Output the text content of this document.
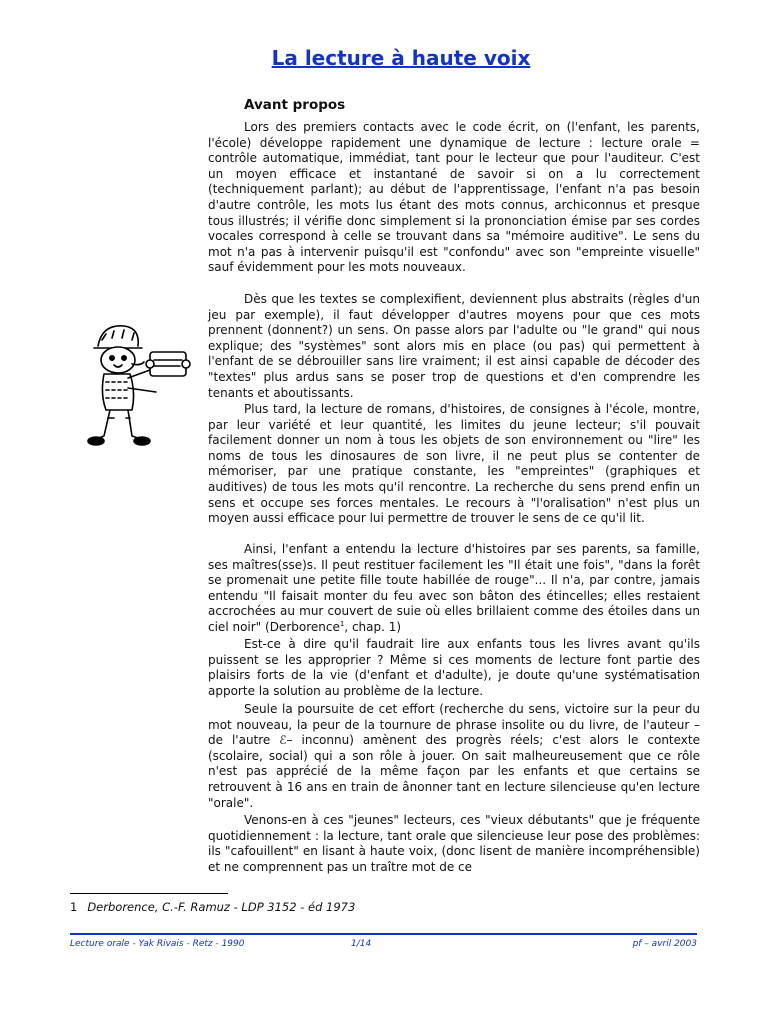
La lecture à haute voix
Avant propos

Lors des premiers contacts avec le code écrit, on (l'enfant, les parents, l'école) développe rapidement une dynamique de lecture : lecture orale = contrôle automatique, immédiat, tant pour le lecteur que pour l'auditeur. C'est un moyen efficace et instantané de savoir si on a lu correctement (techniquement parlant); au début de l'apprentissage, l'enfant n'a pas besoin d'autre contrôle, les mots lus étant des mots connus, archiconnus et presque tous illustrés; il vérifie donc simplement si la prononciation émise par ses cordes vocales correspond à celle se trouvant dans sa "mémoire auditive". Le sens du mot n'a pas à intervenir puisqu'il est "confondu" avec son "empreinte visuelle" sauf évidemment pour les mots nouveaux.

Dès que les textes se complexifient, deviennent plus abstraits (règles d'un jeu par exemple), il faut développer d'autres moyens pour que ces mots prennent (donnent?) un sens. On passe alors par l'adulte ou "le grand" qui nous explique; des "systèmes" sont alors mis en place (ou pas) qui permettent à l'enfant de se débrouiller sans lire vraiment; il est ainsi capable de décoder des "textes" plus ardus sans se poser trop de questions et d'en comprendre les tenants et aboutissants.

Plus tard, la lecture de romans, d'histoires, de consignes à l'école, montre, par leur variété et leur quantité, les limites du jeune lecteur; s'il pouvait facilement donner un nom à tous les objets de son environnement ou "lire" les noms de tous les dinosaures de son livre, il ne peut plus se contenter de mémoriser, par une pratique constante, les "empreintes" (graphiques et auditives) de tous les mots qu'il rencontre. La recherche du sens prend enfin un sens et occupe ses forces mentales. Le recours à "l'oralisation" n'est plus un moyen aussi efficace pour lui permettre de trouver le sens de ce qu'il lit.

Ainsi, l'enfant a entendu la lecture d'histoires par ses parents, sa famille, ses maîtres(sse)s. Il peut restituer facilement les "Il était une fois", "dans la forêt se promenait une petite fille toute habillée de rouge"... Il n'a, par contre, jamais entendu "Il faisait monter du feu avec son bâton des étincelles; elles restaient accrochées au mur couvert de suie où elles brillaient comme des étoiles dans un ciel noir" (Derborence$^1$, chap. 1)

Est-ce à dire qu'il faudrait lire aux enfants tous les livres avant qu'ils puissent se les approprier ? Même si ces moments de lecture font partie des plaisirs forts de la vie (d'enfant et d'adulte), je doute qu'une systématisation apporte la solution au problème de la lecture.

Seule la poursuite de cet effort (recherche du sens, victoire sur la peur du mot nouveau, la peur de la tournure de phrase insolite ou du livre, de l'auteur –de l'autre ℰ– inconnu) amènent des progrès réels; c'est alors le contexte (scolaire, social) qui a son rôle à jouer. On sait malheureusement que ce rôle n'est pas apprécié de la même façon par les enfants et que certains se retrouvent à 16 ans en train de ânonner tant en lecture silencieuse qu'en lecture "orale".

Venons-en à ces "jeunes" lecteurs, ces "vieux débutants" que je fréquente quotidiennement : la lecture, tant orale que silencieuse leur pose des problèmes: ils "cafouillent" en lisant à haute voix, (donc lisent de manière incompréhensible) et ne comprennent pas un traître mot de ce

1 Derborence, C.-F. Ramuz - LDP 3152 - éd 1973
Lecture orale - Yak Rivais - Retz - 1990	1/14	pf – avril 2003
